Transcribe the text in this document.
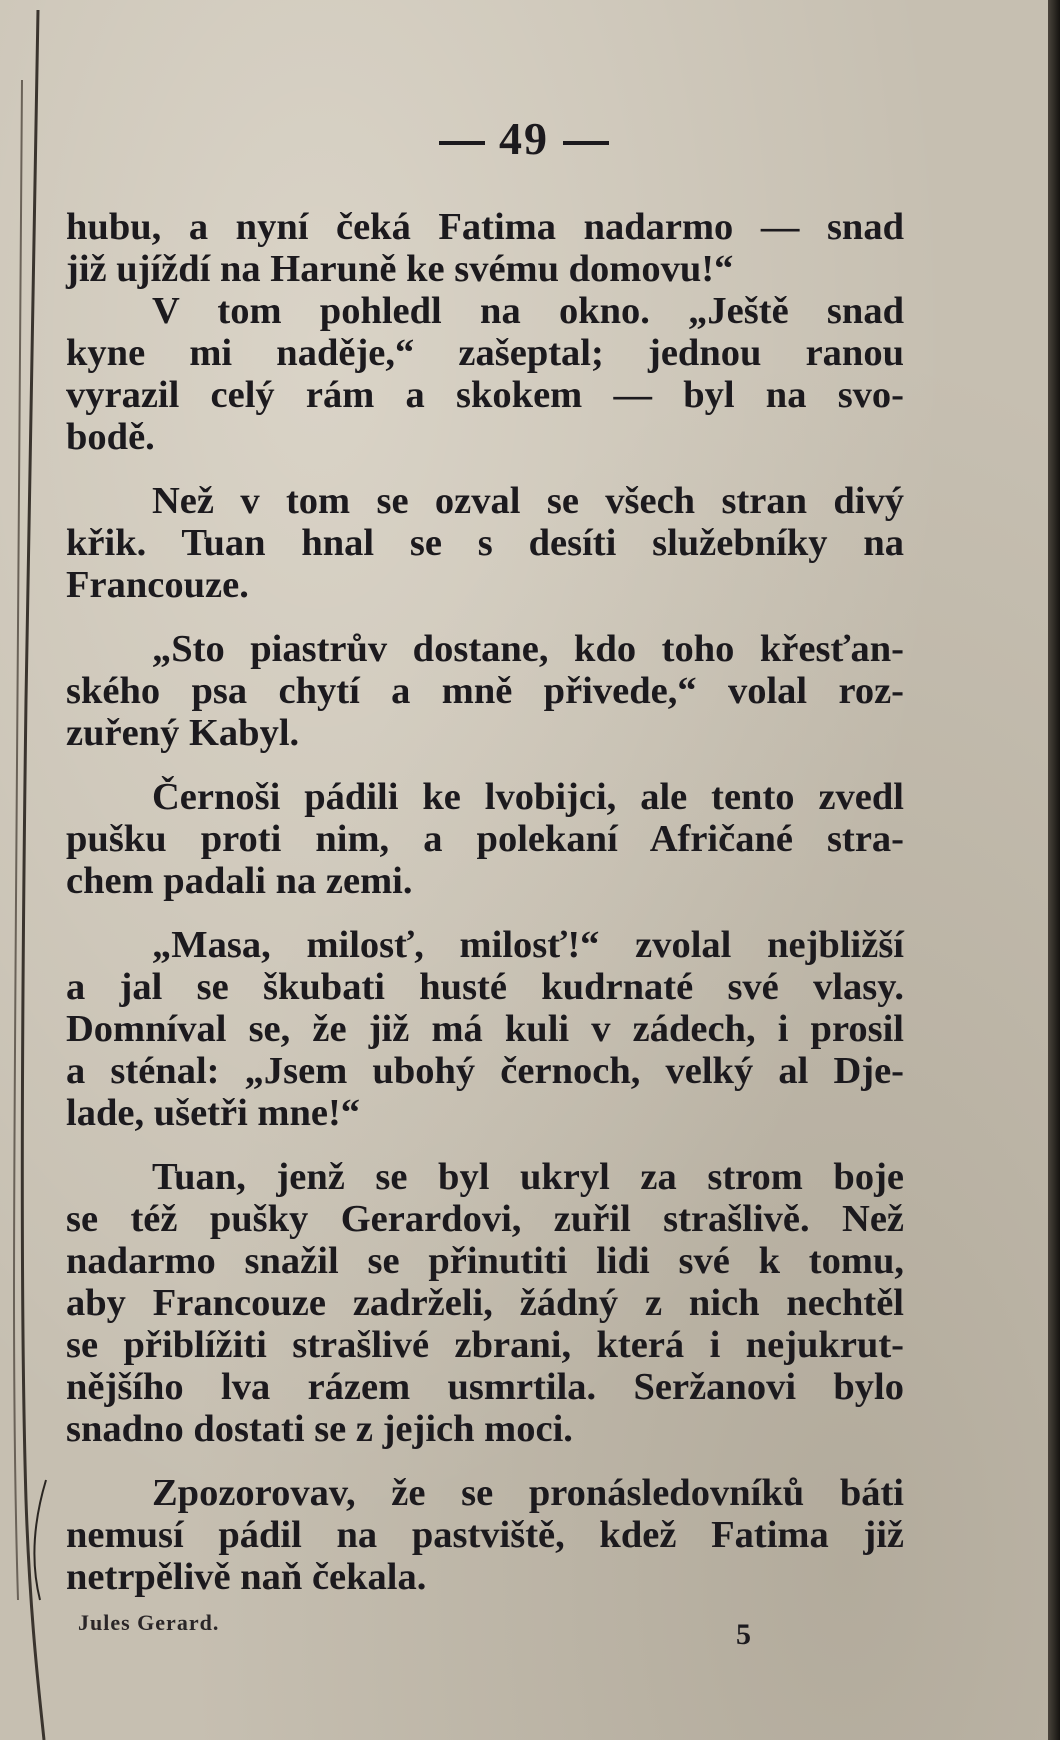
49
hubu, a nyní čeká Fatima nadarmo — snad
již ujíždí na Haruně ke svému domovu!“
V tom pohledl na okno. „Ještě snad
kyne mi naděje,“ zašeptal; jednou ranou
vyrazil celý rám a skokem — byl na svo-
bodě.
Než v tom se ozval se všech stran divý
křik. Tuan hnal se s desíti služebníky na
Francouze.
„Sto piastrův dostane, kdo toho křesťan-
ského psa chytí a mně přivede,“ volal roz-
zuřený Kabyl.
Černoši pádili ke lvobijci, ale tento zvedl
pušku proti nim, a polekaní Afričané stra-
chem padali na zemi.
„Masa, milosť, milosť!“ zvolal nejbližší
a jal se škubati husté kudrnaté své vlasy.
Domníval se, že již má kuli v zádech, i prosil
a sténal: „Jsem ubohý černoch, velký al Dje-
lade, ušetři mne!“
Tuan, jenž se byl ukryl za strom boje
se též pušky Gerardovi, zuřil strašlivě. Než
nadarmo snažil se přinutiti lidi své k tomu,
aby Francouze zadrželi, žádný z nich nechtěl
se přiblížiti strašlivé zbrani, která i nejukrut-
nějšího lva rázem usmrtila. Seržanovi bylo
snadno dostati se z jejich moci.
Zpozorovav, že se pronásledovníků báti
nemusí pádil na pastviště, kdež Fatima již
netrpělivě naň čekala.
Jules Gerard.	5
